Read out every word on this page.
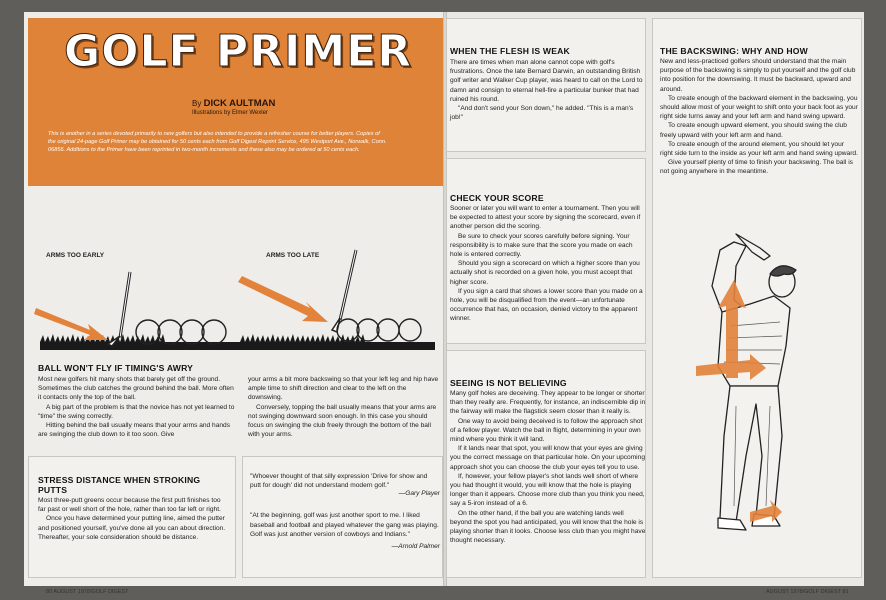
GOLF PRIMER
By DICK AULTMAN
Illustrations by Elmer Wexler
This is another in a series devoted primarily to new golfers but also intended to provide a refresher course for better players. Copies of the original 24-page Golf Primer may be obtained for 50 cents each from Golf Digest Reprint Service, 495 Westport Ave., Norwalk, Conn. 06856. Additions to the Primer have been reprinted in two-month increments and these also may be ordered at 50 cents each.
ARMS TOO EARLY	ARMS TOO LATE
BALL WON'T FLY IF TIMING'S AWRY

Most new golfers hit many shots that barely get off the ground. Sometimes the club catches the ground behind the ball. More often it contacts only the top of the ball.

A big part of the problem is that the novice has not yet learned to "time" the swing correctly.

Hitting behind the ball usually means that your arms and hands are swinging the club down to it too soon. Give

your arms a bit more backswing so that your left leg and hip have ample time to shift direction and clear to the left on the downswing.

Conversely, topping the ball usually means that your arms are not swinging downward soon enough. In this case you should focus on swinging the club freely through the bottom of the ball with your arms.

STRESS DISTANCE WHEN STROKING PUTTS

Most three-putt greens occur because the first putt finishes too far past or well short of the hole, rather than too far left or right.

Once you have determined your putting line, aimed the putter and positioned yourself, you've done all you can about direction. Thereafter, your sole consideration should be distance.

"Whoever thought of that silly expression 'Drive for show and putt for dough' did not understand modern golf."
—Gary Player
"At the beginning, golf was just another sport to me. I liked baseball and football and played whatever the gang was playing. Golf was just another version of cowboys and Indians."
—Arnold Palmer
WHEN THE FLESH IS WEAK

There are times when man alone cannot cope with golf's frustrations. Once the late Bernard Darwin, an outstanding British golf writer and Walker Cup player, was heard to call on the Lord to damn and consign to eternal hell-fire a particular bunker that had ruined his round.

"And don't send your Son down," he added. "This is a man's job!"

CHECK YOUR SCORE

Sooner or later you will want to enter a tournament. Then you will be expected to attest your score by signing the scorecard, even if another person did the scoring.

Be sure to check your scores carefully before signing. Your responsibility is to make sure that the score you made on each hole is entered correctly.

Should you sign a scorecard on which a higher score than you actually shot is recorded on a given hole, you must accept that higher score.

If you sign a card that shows a lower score than you made on a hole, you will be disqualified from the event—an unfortunate occurrence that has, on occasion, denied victory to the apparent winner.

SEEING IS NOT BELIEVING

Many golf holes are deceiving. They appear to be longer or shorter than they really are. Frequently, for instance, an indiscernible dip in the fairway will make the flagstick seem closer than it really is.

One way to avoid being deceived is to follow the approach shot of a fellow player. Watch the ball in flight, determining in your own mind where you think it will land.

If it lands near that spot, you will know that your eyes are giving you the correct message on that particular hole. On your upcoming approach shot you can choose the club your eyes tell you to use.

If, however, your fellow player's shot lands well short of where you had thought it would, you will know that the hole is playing longer than it appears. Choose more club than you think you need, say a 5-iron instead of a 6.

On the other hand, if the ball you are watching lands well beyond the spot you had anticipated, you will know that the hole is playing shorter than it looks. Choose less club than you might have thought necessary.

THE BACKSWING: WHY AND HOW

New and less-practiced golfers should understand that the main purpose of the backswing is simply to put yourself and the golf club into position for the downswing. It must be backward, upward and around.

To create enough of the backward element in the backswing, you should allow most of your weight to shift onto your back foot as your right side turns away and your left arm and hand swing upward.

To create enough upward element, you should swing the club freely upward with your left arm and hand.

To create enough of the around element, you should let your right side turn to the inside as your left arm and hand swing upward.

Give yourself plenty of time to finish your backswing. The ball is not going anywhere in the meantime.

80 AUGUST 1978/GOLF DIGEST	AUGUST 1978/GOLF DIGEST 81
